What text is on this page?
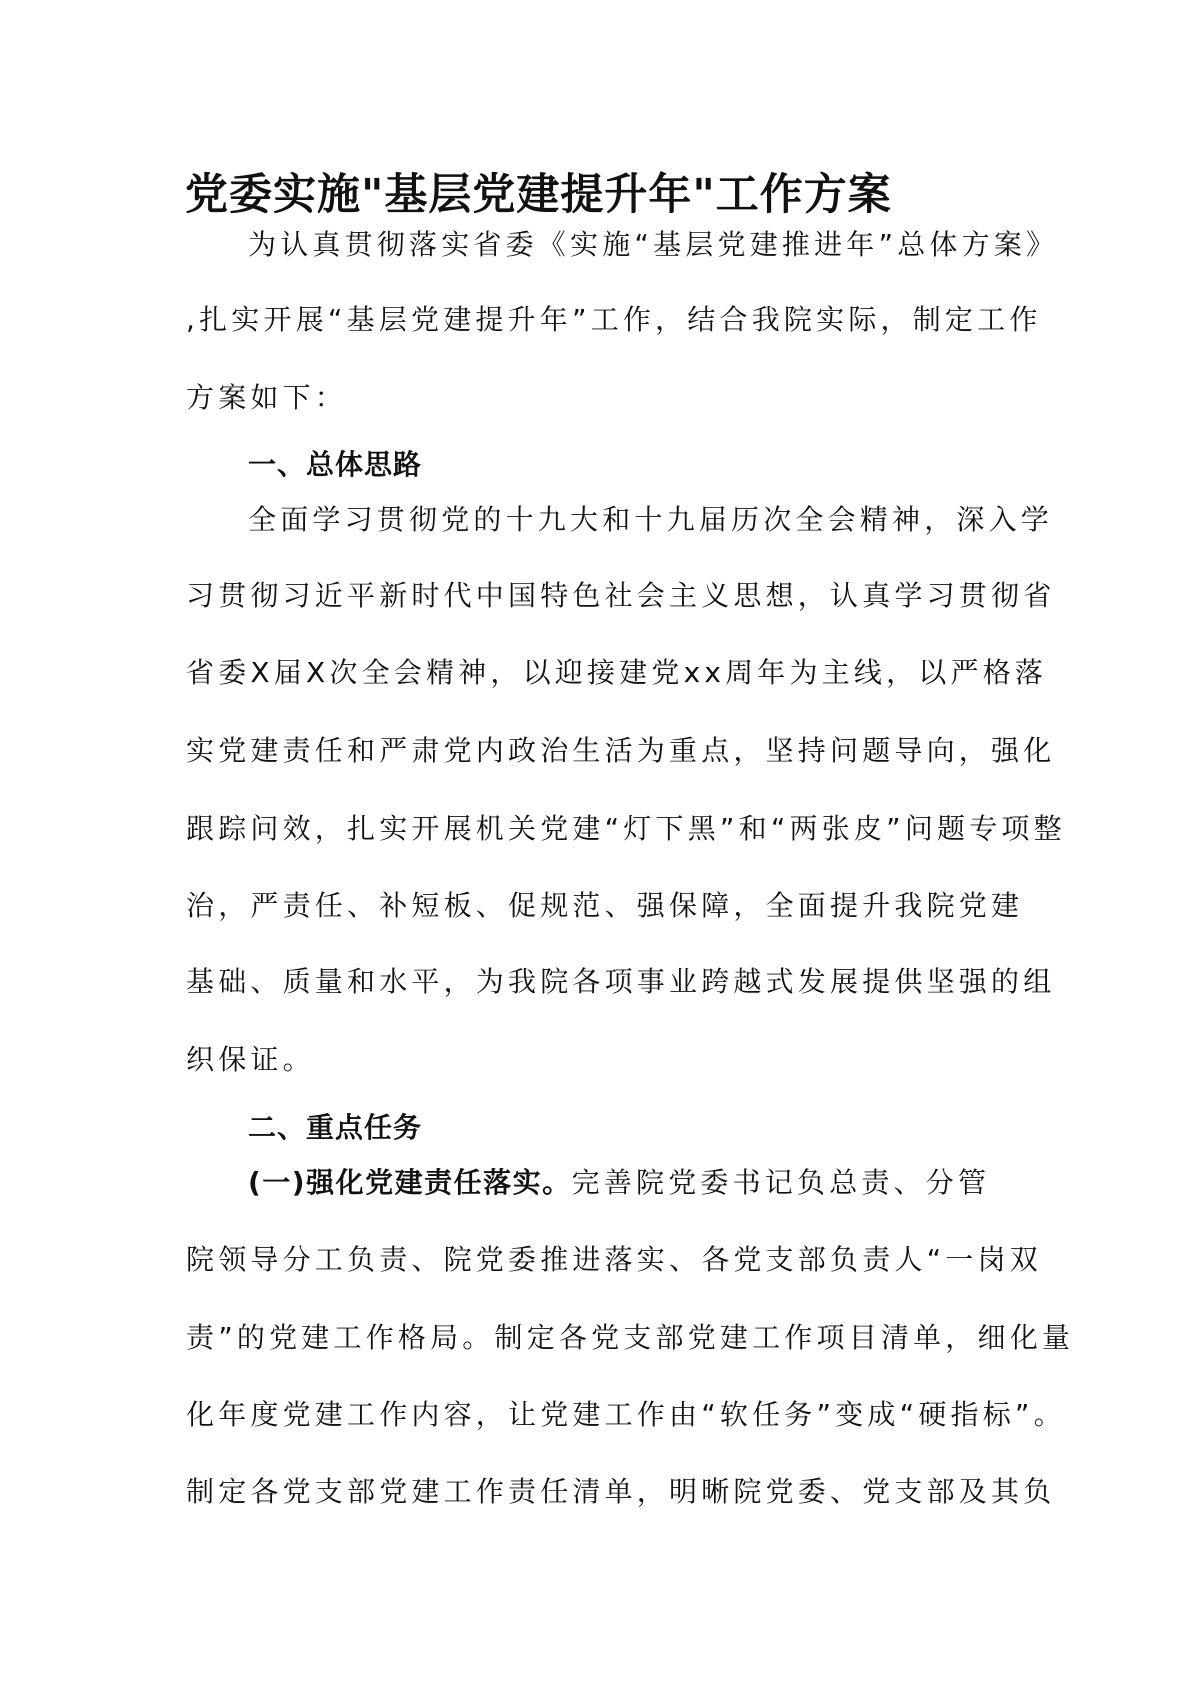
党委实施"基层党建提升年"工作方案
为认真贯彻落实省委《实施“基层党建推进年”总体方案》
,扎实开展“基层党建提升年”工作，结合我院实际，制定工作
方案如下：
一、总体思路
全面学习贯彻党的十九大和十九届历次全会精神，深入学
习贯彻习近平新时代中国特色社会主义思想，认真学习贯彻省
省委X届X次全会精神，以迎接建党xx周年为主线，以严格落
实党建责任和严肃党内政治生活为重点，坚持问题导向，强化
跟踪问效，扎实开展机关党建“灯下黑”和“两张皮”问题专项整
治，严责任、补短板、促规范、强保障，全面提升我院党建
基础、质量和水平，为我院各项事业跨越式发展提供坚强的组
织保证。
二、重点任务
(一)强化党建责任落实。完善院党委书记负总责、分管
院领导分工负责、院党委推进落实、各党支部负责人“一岗双
责”的党建工作格局。制定各党支部党建工作项目清单，细化量
化年度党建工作内容，让党建工作由“软任务”变成“硬指标”。
制定各党支部党建工作责任清单，明晰院党委、党支部及其负
